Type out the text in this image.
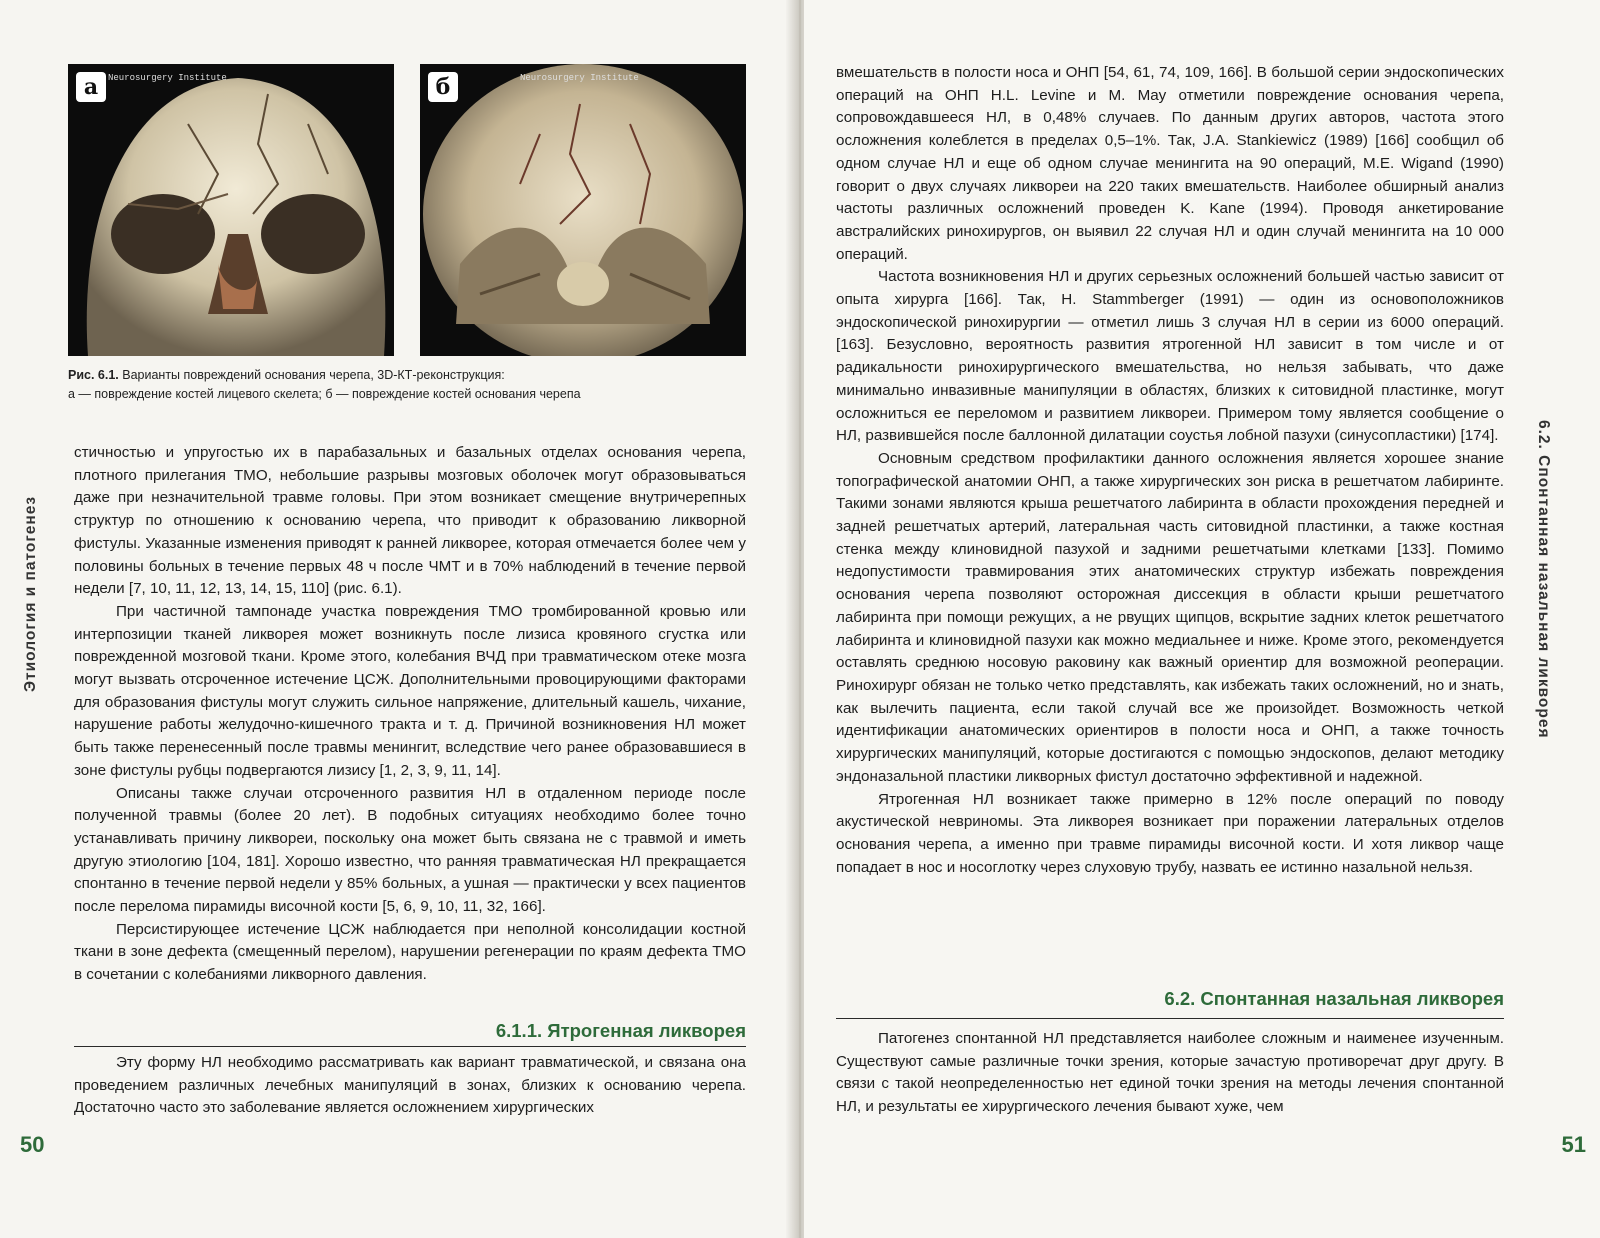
Neurosurgery Institute
а	Neurosurgery Institute
б
Рис. 6.1. Варианты повреждений основания черепа, 3D-КТ-реконструкция:
а — повреждение костей лицевого скелета; б — повреждение костей основания черепа

стичностью и упругостью их в парабазальных и базальных отделах основания черепа, плотного прилегания ТМО, небольшие разрывы мозговых оболочек могут образовываться даже при незначительной травме головы. При этом возникает смещение внутричерепных структур по отношению к основанию черепа, что приводит к образованию ликворной фистулы. Указанные изменения приводят к ранней ликворее, которая отмечается более чем у половины больных в течение первых 48 ч после ЧМТ и в 70% наблюдений в течение первой недели [7, 10, 11, 12, 13, 14, 15, 110] (рис. 6.1).

При частичной тампонаде участка повреждения ТМО тромбированной кровью или интерпозиции тканей ликворея может возникнуть после лизиса кровяного сгустка или поврежденной мозговой ткани. Кроме этого, колебания ВЧД при травматическом отеке мозга могут вызвать отсроченное истечение ЦСЖ. Дополнительными провоцирующими факторами для образования фистулы могут служить сильное напряжение, длительный кашель, чихание, нарушение работы желудочно-кишечного тракта и т. д. Причиной возникновения НЛ может быть также перенесенный после травмы менингит, вследствие чего ранее образовавшиеся в зоне фистулы рубцы подвергаются лизису [1, 2, 3, 9, 11, 14].

Описаны также случаи отсроченного развития НЛ в отдаленном периоде после полученной травмы (более 20 лет). В подобных ситуациях необходимо более точно устанавливать причину ликвореи, поскольку она может быть связана не с травмой и иметь другую этиологию [104, 181]. Хорошо известно, что ранняя травматическая НЛ прекращается спонтанно в течение первой недели у 85% больных, а ушная — практически у всех пациентов после перелома пирамиды височной кости [5, 6, 9, 10, 11, 32, 166].

Персистирующее истечение ЦСЖ наблюдается при неполной консолидации костной ткани в зоне дефекта (смещенный перелом), нарушении регенерации по краям дефекта ТМО в сочетании с колебаниями ликворного давления.

6.1.1. Ятрогенная ликворея

Эту форму НЛ необходимо рассматривать как вариант травматической, и связана она проведением различных лечебных манипуляций в зонах, близких к основанию черепа. Достаточно часто это заболевание является осложнением хирургических

Этиология и патогенез
50

вмешательств в полости носа и ОНП [54, 61, 74, 109, 166]. В большой серии эндоскопических операций на ОНП H.L. Levine и M. May отметили повреждение основания черепа, сопровождавшееся НЛ, в 0,48% случаев. По данным других авторов, частота этого осложнения колеблется в пределах 0,5–1%. Так, J.A. Stankiewicz (1989) [166] сообщил об одном случае НЛ и еще об одном случае менингита на 90 операций, M.E. Wigand (1990) говорит о двух случаях ликвореи на 220 таких вмешательств. Наиболее обширный анализ частоты различных осложнений проведен K. Kane (1994). Проводя анкетирование австралийских ринохирургов, он выявил 22 случая НЛ и один случай менингита на 10 000 операций.

Частота возникновения НЛ и других серьезных осложнений большей частью зависит от опыта хирурга [166]. Так, H. Stammberger (1991) — один из основоположников эндоскопической ринохирургии — отметил лишь 3 случая НЛ в серии из 6000 операций. [163]. Безусловно, вероятность развития ятрогенной НЛ зависит в том числе и от радикальности ринохирургического вмешательства, но нельзя забывать, что даже минимально инвазивные манипуляции в областях, близких к ситовидной пластинке, могут осложниться ее переломом и развитием ликвореи. Примером тому является сообщение о НЛ, развившейся после баллонной дилатации соустья лобной пазухи (синусопластики) [174].

Основным средством профилактики данного осложнения является хорошее знание топографической анатомии ОНП, а также хирургических зон риска в решетчатом лабиринте. Такими зонами являются крыша решетчатого лабиринта в области прохождения передней и задней решетчатых артерий, латеральная часть ситовидной пластинки, а также костная стенка между клиновидной пазухой и задними решетчатыми клетками [133]. Помимо недопустимости травмирования этих анатомических структур избежать повреждения основания черепа позволяют осторожная диссекция в области крыши решетчатого лабиринта при помощи режущих, а не рвущих щипцов, вскрытие задних клеток решетчатого лабиринта и клиновидной пазухи как можно медиальнее и ниже. Кроме этого, рекомендуется оставлять среднюю носовую раковину как важный ориентир для возможной реоперации. Ринохирург обязан не только четко представлять, как избежать таких осложнений, но и знать, как вылечить пациента, если такой случай все же произойдет. Возможность четкой идентификации анатомических ориентиров в полости носа и ОНП, а также точность хирургических манипуляций, которые достигаются с помощью эндоскопов, делают методику эндоназальной пластики ликворных фистул достаточно эффективной и надежной.

Ятрогенная НЛ возникает также примерно в 12% после операций по поводу акустической невриномы. Эта ликворея возникает при поражении латеральных отделов основания черепа, а именно при травме пирамиды височной кости. И хотя ликвор чаще попадает в нос и носоглотку через слуховую трубу, назвать ее истинно назальной нельзя.

6.2. Спонтанная назальная ликворея

Патогенез спонтанной НЛ представляется наиболее сложным и наименее изученным. Существуют самые различные точки зрения, которые зачастую противоречат друг другу. В связи с такой неопределенностью нет единой точки зрения на методы лечения спонтанной НЛ, и результаты ее хирургического лечения бывают хуже, чем

6.2. Спонтанная назальная ликворея
51
